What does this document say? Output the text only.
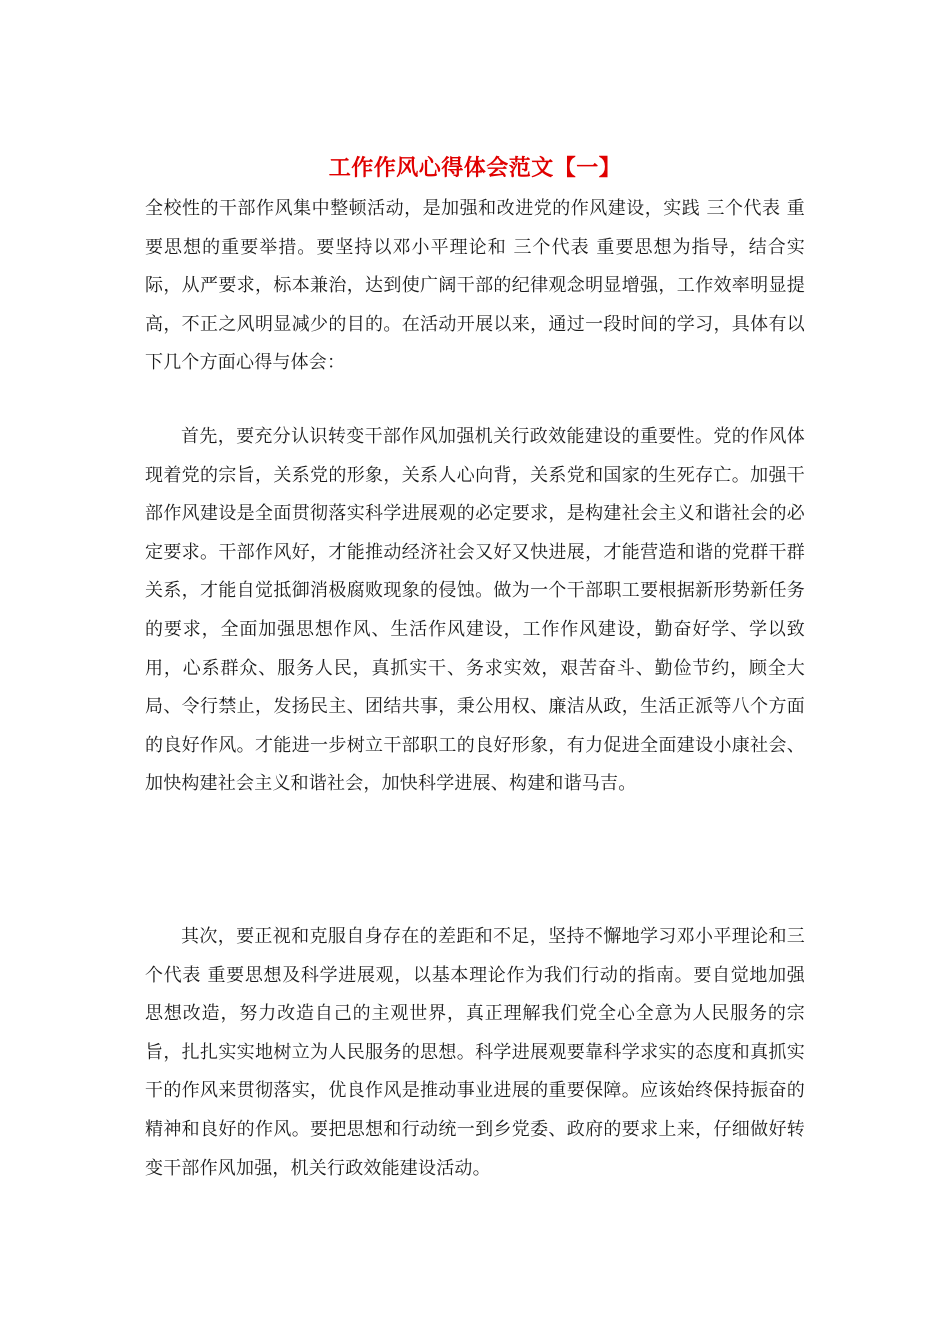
工作作风心得体会范文【一】

全校性的干部作风集中整顿活动，是加强和改进党的作风建设，实践 三个代表 重要思想的重要举措。要坚持以邓小平理论和 三个代表 重要思想为指导，结合实际，从严要求，标本兼治，达到使广阔干部的纪律观念明显增强，工作效率明显提高，不正之风明显减少的目的。在活动开展以来，通过一段时间的学习，具体有以下几个方面心得与体会：

首先，要充分认识转变干部作风加强机关行政效能建设的重要性。党的作风体现着党的宗旨，关系党的形象，关系人心向背，关系党和国家的生死存亡。加强干部作风建设是全面贯彻落实科学进展观的必定要求，是构建社会主义和谐社会的必定要求。干部作风好，才能推动经济社会又好又快进展，才能营造和谐的党群干群关系，才能自觉抵御消极腐败现象的侵蚀。做为一个干部职工要根据新形势新任务的要求，全面加强思想作风、生活作风建设，工作作风建设，勤奋好学、学以致用，心系群众、服务人民，真抓实干、务求实效，艰苦奋斗、勤俭节约，顾全大局、令行禁止，发扬民主、团结共事，秉公用权、廉洁从政，生活正派等八个方面的良好作风。才能进一步树立干部职工的良好形象，有力促进全面建设小康社会、加快构建社会主义和谐社会，加快科学进展、构建和谐马吉。

其次，要正视和克服自身存在的差距和不足，坚持不懈地学习邓小平理论和三个代表 重要思想及科学进展观，以基本理论作为我们行动的指南。要自觉地加强思想改造，努力改造自己的主观世界，真正理解我们党全心全意为人民服务的宗旨，扎扎实实地树立为人民服务的思想。科学进展观要靠科学求实的态度和真抓实干的作风来贯彻落实，优良作风是推动事业进展的重要保障。应该始终保持振奋的精神和良好的作风。要把思想和行动统一到乡党委、政府的要求上来，仔细做好转变干部作风加强，机关行政效能建设活动。
